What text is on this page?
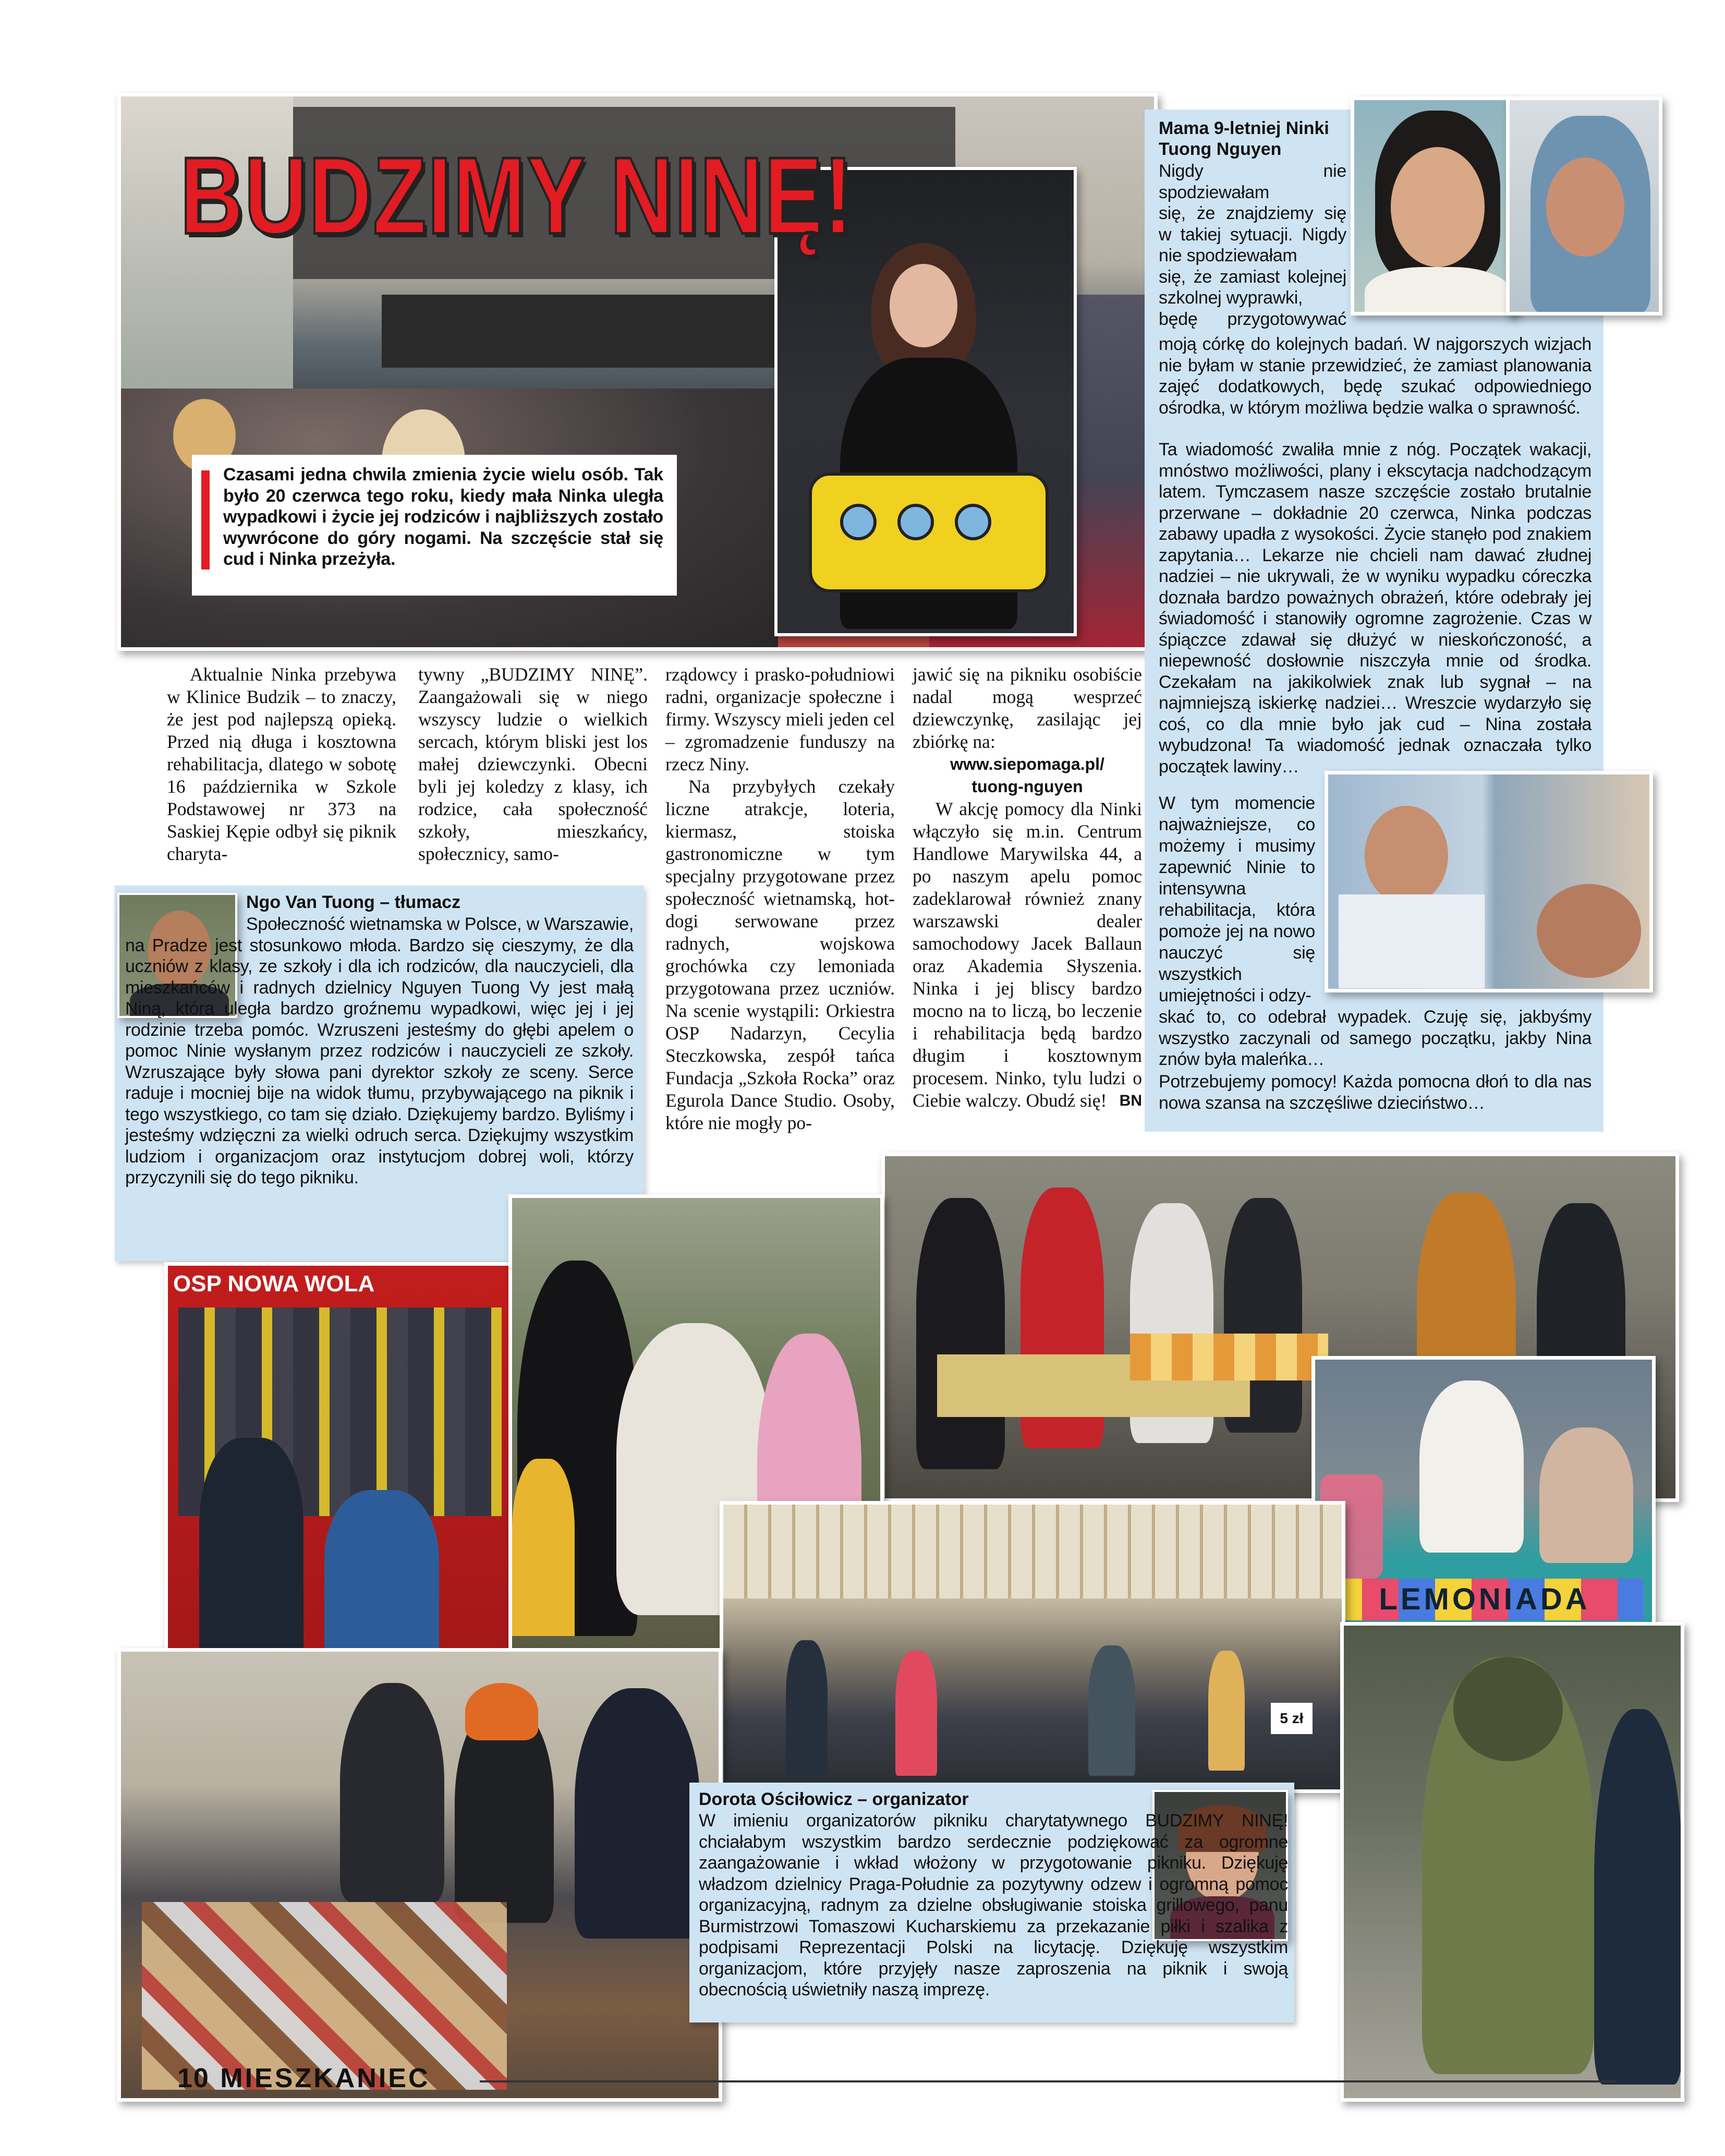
BUDZIMY NINĘ!
Czasami jedna chwila zmienia życie wielu osób. Tak było 20 czerwca tego roku, kiedy mała Ninka uległa wypadkowi i życie jej rodziców i najbliższych zostało wywrócone do góry nogami. Na szczęście stał się cud i Ninka przeżyła.
Mama 9-letniej Ninki
Tuong Nguyen
Nigdy nie spodziewałam
się, że znajdziemy się
w takiej sytuacji. Nigdy nie spodziewałam
się, że zamiast kolejnej szkolnej wyprawki,
będę przygotowywać
moją córkę do kolejnych badań. W najgorszych wizjach nie byłam w stanie przewidzieć, że zamiast planowania zajęć dodatkowych, będę szukać odpowiedniego ośrodka, w którym możliwa będzie walka o sprawność.
Ta wiadomość zwaliła mnie z nóg. Początek wakacji, mnóstwo możliwości, plany i ekscytacja nadchodzącym latem. Tymczasem nasze szczęście zostało brutalnie przerwane – dokładnie 20 czerwca, Ninka podczas zabawy upadła z wysokości. Życie stanęło pod znakiem zapytania… Lekarze nie chcieli nam dawać złudnej nadziei – nie ukrywali, że w wyniku wypadku córeczka doznała bardzo poważnych obrażeń, które odebrały jej świadomość i stanowiły ogromne zagrożenie. Czas w śpiączce zdawał się dłużyć w nieskończoność, a niepewność dosłownie niszczyła mnie od środka. Czekałam na jakikolwiek znak lub sygnał – na najmniejszą iskierkę nadziei… Wreszcie wydarzyło się coś, co dla mnie było jak cud – Nina została wybudzona! Ta wiadomość jednak oznaczała tylko początek lawiny…
W tym momencie najważniejsze, co możemy i musimy zapewnić Ninie to intensywna rehabilitacja, która pomoże jej na nowo nauczyć się wszystkich umiejętności i odzy-
skać to, co odebrał wypadek. Czuję się, jakbyśmy wszystko zaczynali od samego początku, jakby Nina znów była maleńka…
Potrzebujemy pomocy! Każda pomocna dłoń to dla nas nowa szansa na szczęśliwe dzieciństwo…

Aktualnie Ninka przebywa w Klinice Budzik – to znaczy, że jest pod najlepszą opieką. Przed nią długa i kosztowna rehabilitacja, dlatego w sobotę 16 października w Szkole Podstawowej nr 373 na Saskiej Kępie odbył się piknik charyta-

tywny „BUDZIMY NINĘ”. Zaangażowali się w niego wszyscy ludzie o wielkich sercach, którym bliski jest los małej dziewczynki. Obecni byli jej koledzy z klasy, ich rodzice, cała społeczność szkoły, mieszkańcy, społecznicy, samo-

rządowcy i prasko-południowi radni, organizacje społeczne i firmy. Wszyscy mieli jeden cel – zgromadzenie funduszy na rzecz Niny.

Na przybyłych czekały liczne atrakcje, loteria, kiermasz, stoiska gastronomiczne w tym specjalny przygotowane przez społeczność wietnamską, hot-dogi serwowane przez radnych, wojskowa grochówka czy lemoniada przygotowana przez uczniów. Na scenie wystąpili: Orkiestra OSP Nadarzyn, Cecylia Steczkowska, zespół tańca Fundacja „Szkoła Rocka” oraz Egurola Dance Studio. Osoby, które nie mogły po-

jawić się na pikniku osobiście nadal mogą wesprzeć dziewczynkę, zasilając jej zbiórkę na:

www.siepomaga.pl/
tuong-nguyen

W akcję pomocy dla Ninki włączyło się m.in. Centrum Handlowe Marywilska 44, a po naszym apelu pomoc zadeklarował również znany warszawski dealer samochodowy Jacek Ballaun oraz Akademia Słyszenia. Ninka i jej bliscy bardzo mocno na to liczą, bo leczenie i rehabilitacja będą bardzo długim i kosztownym procesem. Ninko, tylu ludzi o Ciebie walczy. Obudź się! BN
Ngo Van Tuong – tłumacz
Społeczność wietnamska w Polsce, w Warszawie, na Pradze jest stosunkowo młoda. Bardzo się cieszymy, że dla uczniów z klasy, ze szkoły i dla ich rodziców, dla nauczycieli, dla mieszkańców i radnych dzielnicy Nguyen Tuong Vy jest małą Niną, która uległa bardzo groźnemu wypadkowi, więc jej i jej rodzinie trzeba pomóc. Wzruszeni jesteśmy do głębi apelem o pomoc Ninie wysłanym przez rodziców i nauczycieli ze szkoły. Wzruszające były słowa pani dyrektor szkoły ze sceny. Serce raduje i mocniej bije na widok tłumu, przybywającego na piknik i tego wszystkiego, co tam się działo. Dziękujemy bardzo. Byliśmy i jesteśmy wdzięczni za wielki odruch serca. Dziękujmy wszystkim ludziom i organizacjom oraz instytucjom dobrej woli, którzy przyczynili się do tego pikniku.
OSP NOWA WOLA
LEMONIADA
5 zł
Dorota Ościłowicz – organizator
W imieniu organizatorów pikniku charytatywnego BUDZIMY NINĘ! chciałabym wszystkim bardzo serdecznie podziękować za ogromne zaangażowanie i wkład włożony w przygotowanie pikniku. Dziękuję władzom dzielnicy Praga-Południe za pozytywny odzew i ogromną pomoc organizacyjną, radnym za dzielne obsługiwanie stoiska grillowego, panu Burmistrzowi Tomaszowi Kucharskiemu za przekazanie piłki i szalika z podpisami Reprezentacji Polski na licytację. Dziękuję wszystkim organizacjom, które przyjęły nasze zaproszenia na piknik i swoją obecnością uświetniły naszą imprezę.
10 MIESZKANIEC
